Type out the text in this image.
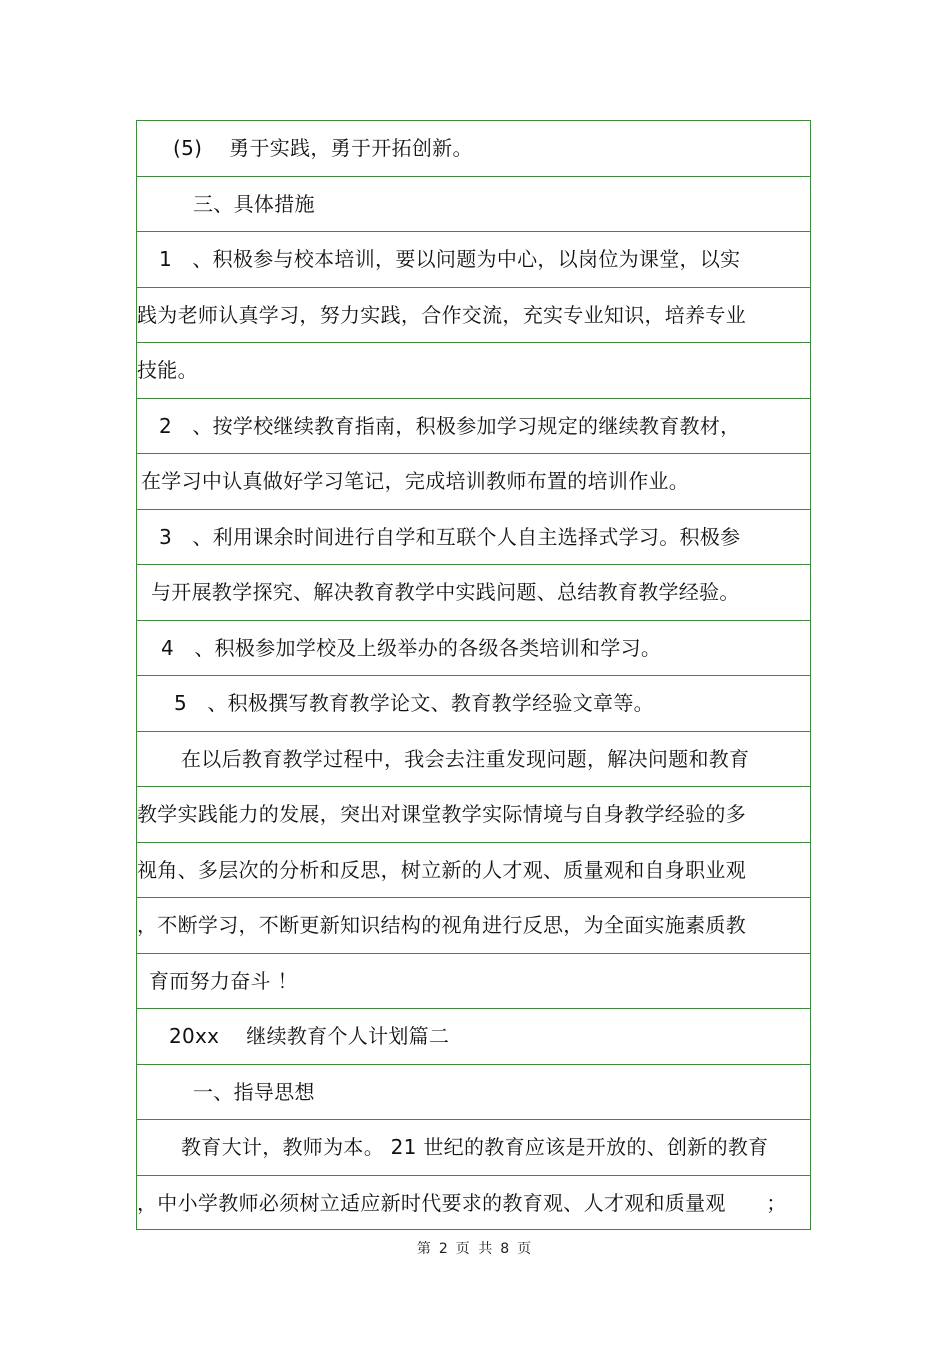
(5)　 勇于实践，勇于开拓创新。
三、具体措施
1　、积极参与校本培训，要以问题为中心，以岗位为课堂，以实
践为老师认真学习，努力实践，合作交流，充实专业知识，培养专业
技能。
2　、按学校继续教育指南，积极参加学习规定的继续教育教材，
在学习中认真做好学习笔记，完成培训教师布置的培训作业。
3　、利用课余时间进行自学和互联个人自主选择式学习。积极参
与开展教学探究、解决教育教学中实践问题、总结教育教学经验。
4　、积极参加学校及上级举办的各级各类培训和学习。
5　、积极撰写教育教学论文、教育教学经验文章等。
在以后教育教学过程中，我会去注重发现问题，解决问题和教育
教学实践能力的发展，突出对课堂教学实际情境与自身教学经验的多
视角、多层次的分析和反思，树立新的人才观、质量观和自身职业观
，不断学习，不断更新知识结构的视角进行反思，为全面实施素质教
育而努力奋斗 ！
20xx　 继续教育个人计划篇二
一、指导思想
教育大计，教师为本。 21 世纪的教育应该是开放的、创新的教育
，中小学教师必须树立适应新时代要求的教育观、人才观和质量观　　；
第 2 页 共 8 页
